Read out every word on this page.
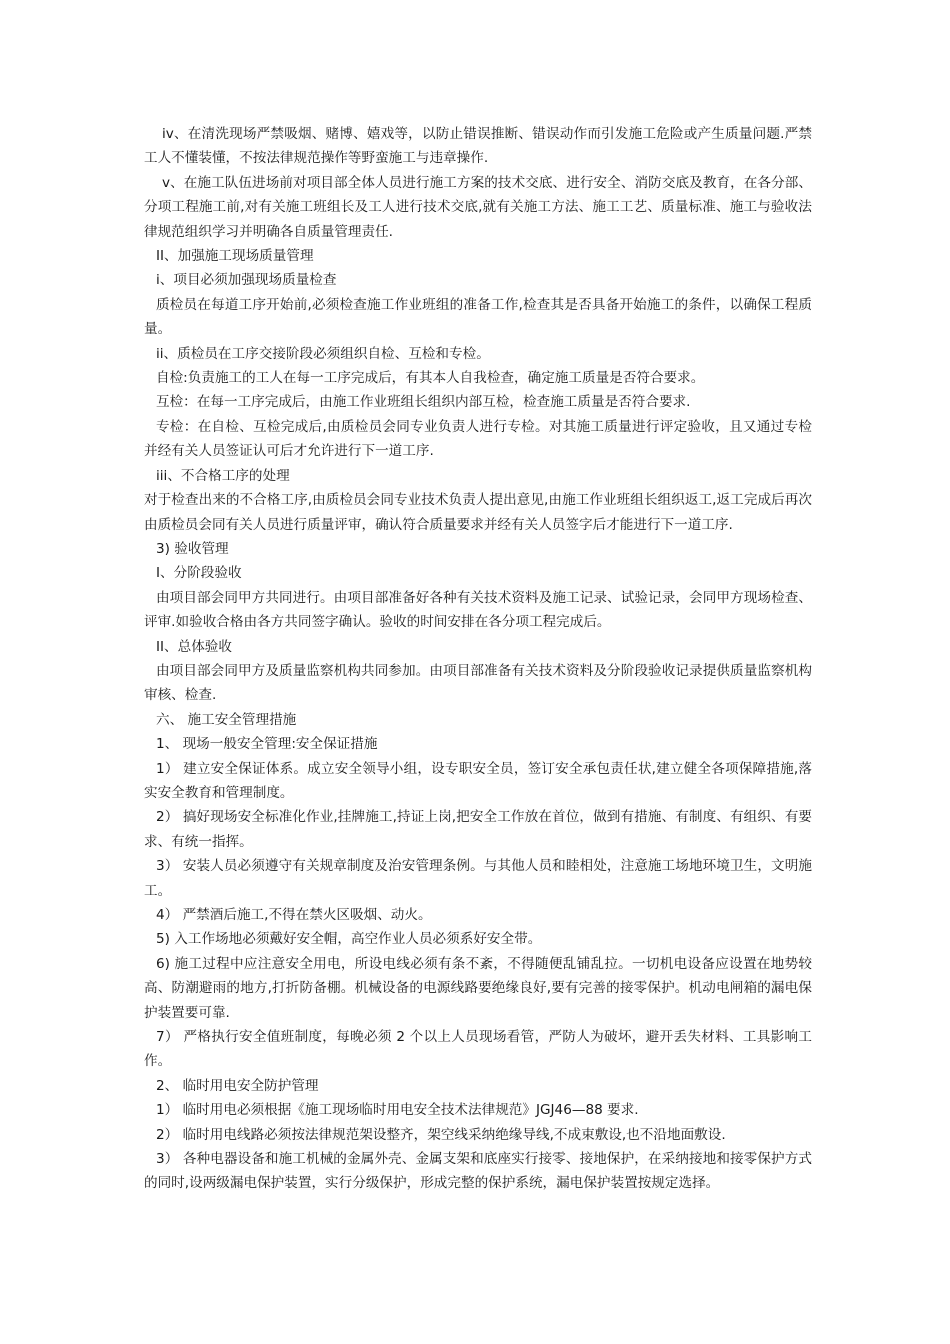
iv、在清洗现场严禁吸烟、赌博、嬉戏等，以防止错误推断、错误动作而引发施工危险或产生质量问题.严禁工人不懂装懂，不按法律规范操作等野蛮施工与违章操作.

v、在施工队伍进场前对项目部全体人员进行施工方案的技术交底、进行安全、消防交底及教育，在各分部、分项工程施工前,对有关施工班组长及工人进行技术交底,就有关施工方法、施工工艺、质量标准、施工与验收法律规范组织学习并明确各自质量管理责任.

II、加强施工现场质量管理

i、项目必须加强现场质量检查

质检员在每道工序开始前,必须检查施工作业班组的准备工作,检查其是否具备开始施工的条件，以确保工程质量。

ii、质检员在工序交接阶段必须组织自检、互检和专检。

自检:负责施工的工人在每一工序完成后，有其本人自我检查，确定施工质量是否符合要求。

互检：在每一工序完成后，由施工作业班组长组织内部互检，检查施工质量是否符合要求.

专检：在自检、互检完成后,由质检员会同专业负责人进行专检。对其施工质量进行评定验收，且又通过专检并经有关人员签证认可后才允许进行下一道工序.

iii、不合格工序的处理

对于检查出来的不合格工序,由质检员会同专业技术负责人提出意见,由施工作业班组长组织返工,返工完成后再次由质检员会同有关人员进行质量评审，确认符合质量要求并经有关人员签字后才能进行下一道工序.

3) 验收管理

I、分阶段验收

由项目部会同甲方共同进行。由项目部准备好各种有关技术资料及施工记录、试验记录，会同甲方现场检查、评审.如验收合格由各方共同签字确认。验收的时间安排在各分项工程完成后。

II、总体验收

由项目部会同甲方及质量监察机构共同参加。由项目部准备有关技术资料及分阶段验收记录提供质量监察机构审核、检查.

六、 施工安全管理措施

1、 现场一般安全管理:安全保证措施

1） 建立安全保证体系。成立安全领导小组，设专职安全员，签订安全承包责任状,建立健全各项保障措施,落实安全教育和管理制度。

2） 搞好现场安全标准化作业,挂牌施工,持证上岗,把安全工作放在首位，做到有措施、有制度、有组织、有要求、有统一指挥。

3） 安装人员必须遵守有关规章制度及治安管理条例。与其他人员和睦相处，注意施工场地环境卫生，文明施工。

4） 严禁酒后施工,不得在禁火区吸烟、动火。

5) 入工作场地必须戴好安全帽，高空作业人员必须系好安全带。

6) 施工过程中应注意安全用电，所设电线必须有条不紊，不得随便乱铺乱拉。一切机电设备应设置在地势较高、防潮避雨的地方,打折防备棚。机械设备的电源线路要绝缘良好,要有完善的接零保护。机动电闸箱的漏电保护装置要可靠.

7） 严格执行安全值班制度，每晚必须 2 个以上人员现场看管，严防人为破坏，避开丢失材料、工具影响工作。

2、 临时用电安全防护管理

1） 临时用电必须根据《施工现场临时用电安全技术法律规范》JGJ46—88 要求.

2） 临时用电线路必须按法律规范架设整齐，架空线采纳绝缘导线,不成束敷设,也不沿地面敷设.

3） 各种电器设备和施工机械的金属外壳、金属支架和底座实行接零、接地保护，在采纳接地和接零保护方式的同时,设两级漏电保护装置，实行分级保护，形成完整的保护系统，漏电保护装置按规定选择。
